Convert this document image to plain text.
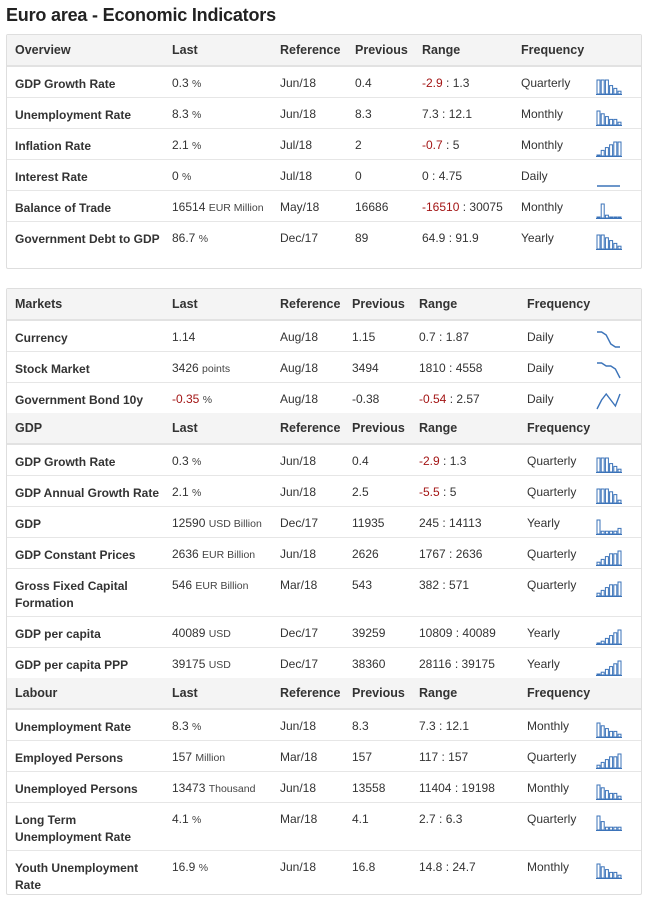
Euro area - Economic Indicators
Overview	Last	Reference	Previous	Range	Frequency	
GDP Growth Rate	0.3 %	Jun/18	0.4	-2.9 : 1.3	Quarterly	

Unemployment Rate	8.3 %	Jun/18	8.3	7.3 : 12.1	Monthly	

Inflation Rate	2.1 %	Jul/18	2	-0.7 : 5	Monthly	

Interest Rate	0 %	Jul/18	0	0 : 4.75	Daily	

Balance of Trade	16514 EUR Million	May/18	16686	-16510 : 30075	Monthly	

Government Debt to GDP	86.7 %	Dec/17	89	64.9 : 91.9	Yearly	
Markets	Last	Reference	Previous	Range	Frequency	
Currency	1.14	Aug/18	1.15	0.7 : 1.87	Daily	

Stock Market	3426 points	Aug/18	3494	1810 : 4558	Daily	

Government Bond 10y	-0.35 %	Aug/18	-0.38	-0.54 : 2.57	Daily	

GDP	Last	Reference	Previous	Range	Frequency	
GDP Growth Rate	0.3 %	Jun/18	0.4	-2.9 : 1.3	Quarterly	

GDP Annual Growth Rate	2.1 %	Jun/18	2.5	-5.5 : 5	Quarterly	

GDP	12590 USD Billion	Dec/17	11935	245 : 14113	Yearly	

GDP Constant Prices	2636 EUR Billion	Jun/18	2626	1767 : 2636	Quarterly	

Gross Fixed Capital Formation	546 EUR Billion	Mar/18	543	382 : 571	Quarterly	

GDP per capita	40089 USD	Dec/17	39259	10809 : 40089	Yearly	

GDP per capita PPP	39175 USD	Dec/17	38360	28116 : 39175	Yearly	

Labour	Last	Reference	Previous	Range	Frequency	
Unemployment Rate	8.3 %	Jun/18	8.3	7.3 : 12.1	Monthly	

Employed Persons	157 Million	Mar/18	157	117 : 157	Quarterly	

Unemployed Persons	13473 Thousand	Jun/18	13558	11404 : 19198	Monthly	

Long Term Unemployment Rate	4.1 %	Mar/18	4.1	2.7 : 6.3	Quarterly	

Youth Unemployment Rate	16.9 %	Jun/18	16.8	14.8 : 24.7	Monthly	
